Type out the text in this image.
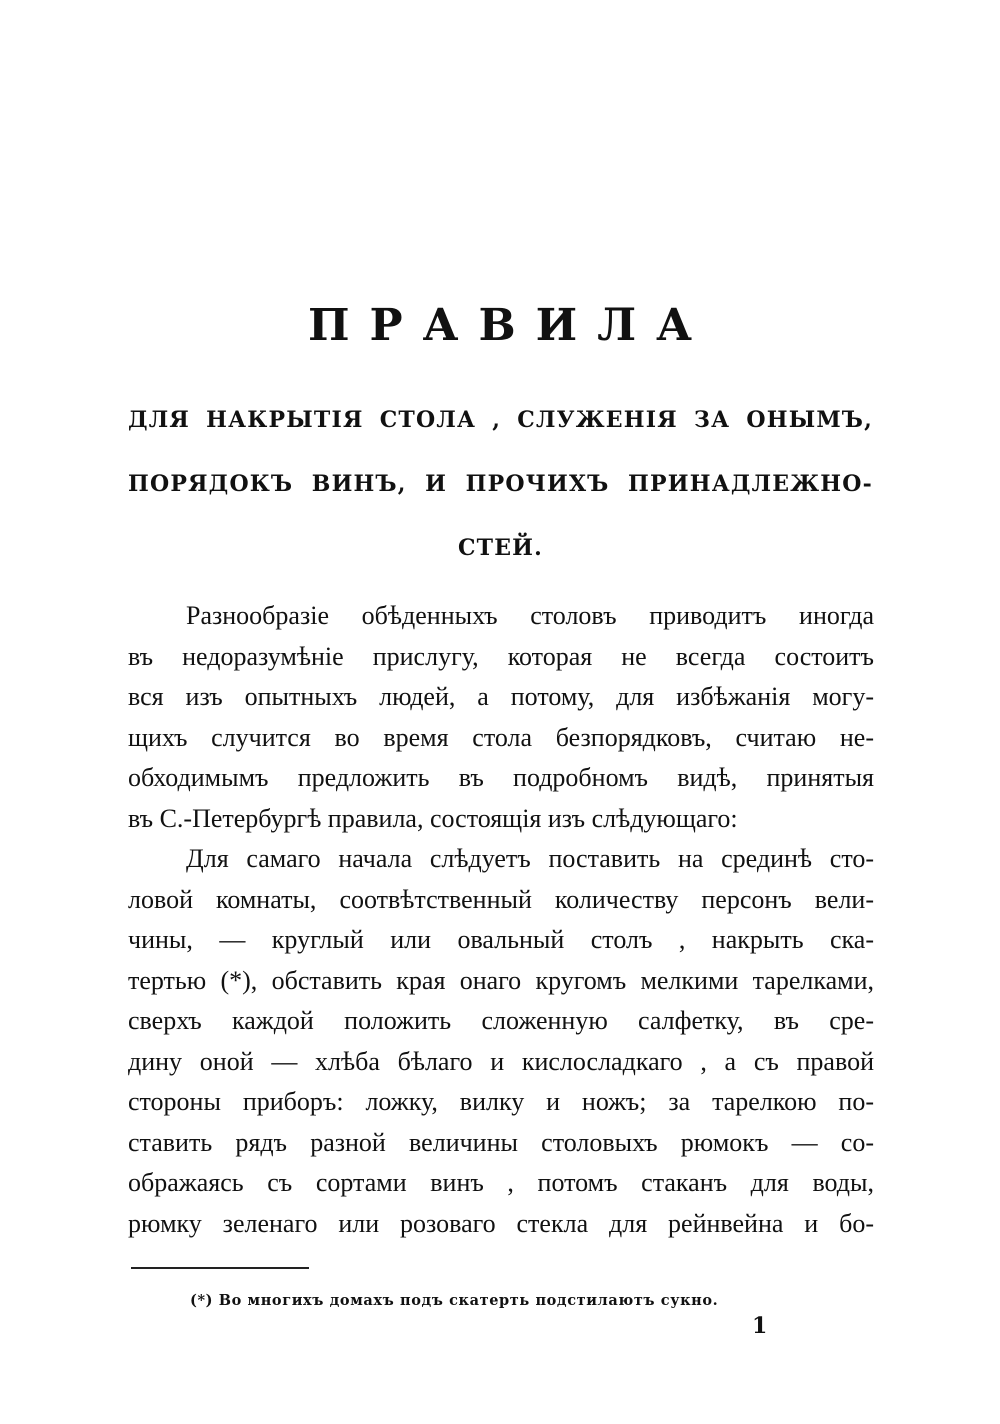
ПРАВИЛА
ДЛЯ НАКРЫТІЯ СТОЛА , СЛУЖЕНІЯ ЗА ОНЫМЪ,
ПОРЯДОКЪ ВИНЪ, И ПРОЧИХЪ ПРИНАДЛЕЖНО-
СТЕЙ.
Разнообразіе обѣденныхъ столовъ приводитъ иногда
въ недоразумѣніе прислугу, которая не всегда состоитъ
вся изъ опытныхъ людей, а потому, для избѣжанія могу-
щихъ случится во время стола безпорядковъ, считаю не-
обходимымъ предложить въ подробномъ видѣ, принятыя
въ С.-Петербургѣ правила, состоящія изъ слѣдующаго:
Для самаго начала слѣдуетъ поставить на срединѣ сто-
ловой комнаты, соотвѣтственный количеству персонъ вели-
чины, — круглый или овальный столъ , накрыть ска-
тертью (*), обставить края онаго кругомъ мелкими тарелками,
сверхъ каждой положить сложенную салфетку, въ сре-
дину оной — хлѣба бѣлаго и кислосладкаго , а съ правой
стороны приборъ: ложку, вилку и ножъ; за тарелкою по-
ставить рядъ разной величины столовыхъ рюмокъ — со-
ображаясь съ сортами винъ , потомъ стаканъ для воды,
рюмку зеленаго или розоваго стекла для рейнвейна и бо-

(*) Во многихъ домахъ подъ скатерть подстилаютъ сукно.

1
